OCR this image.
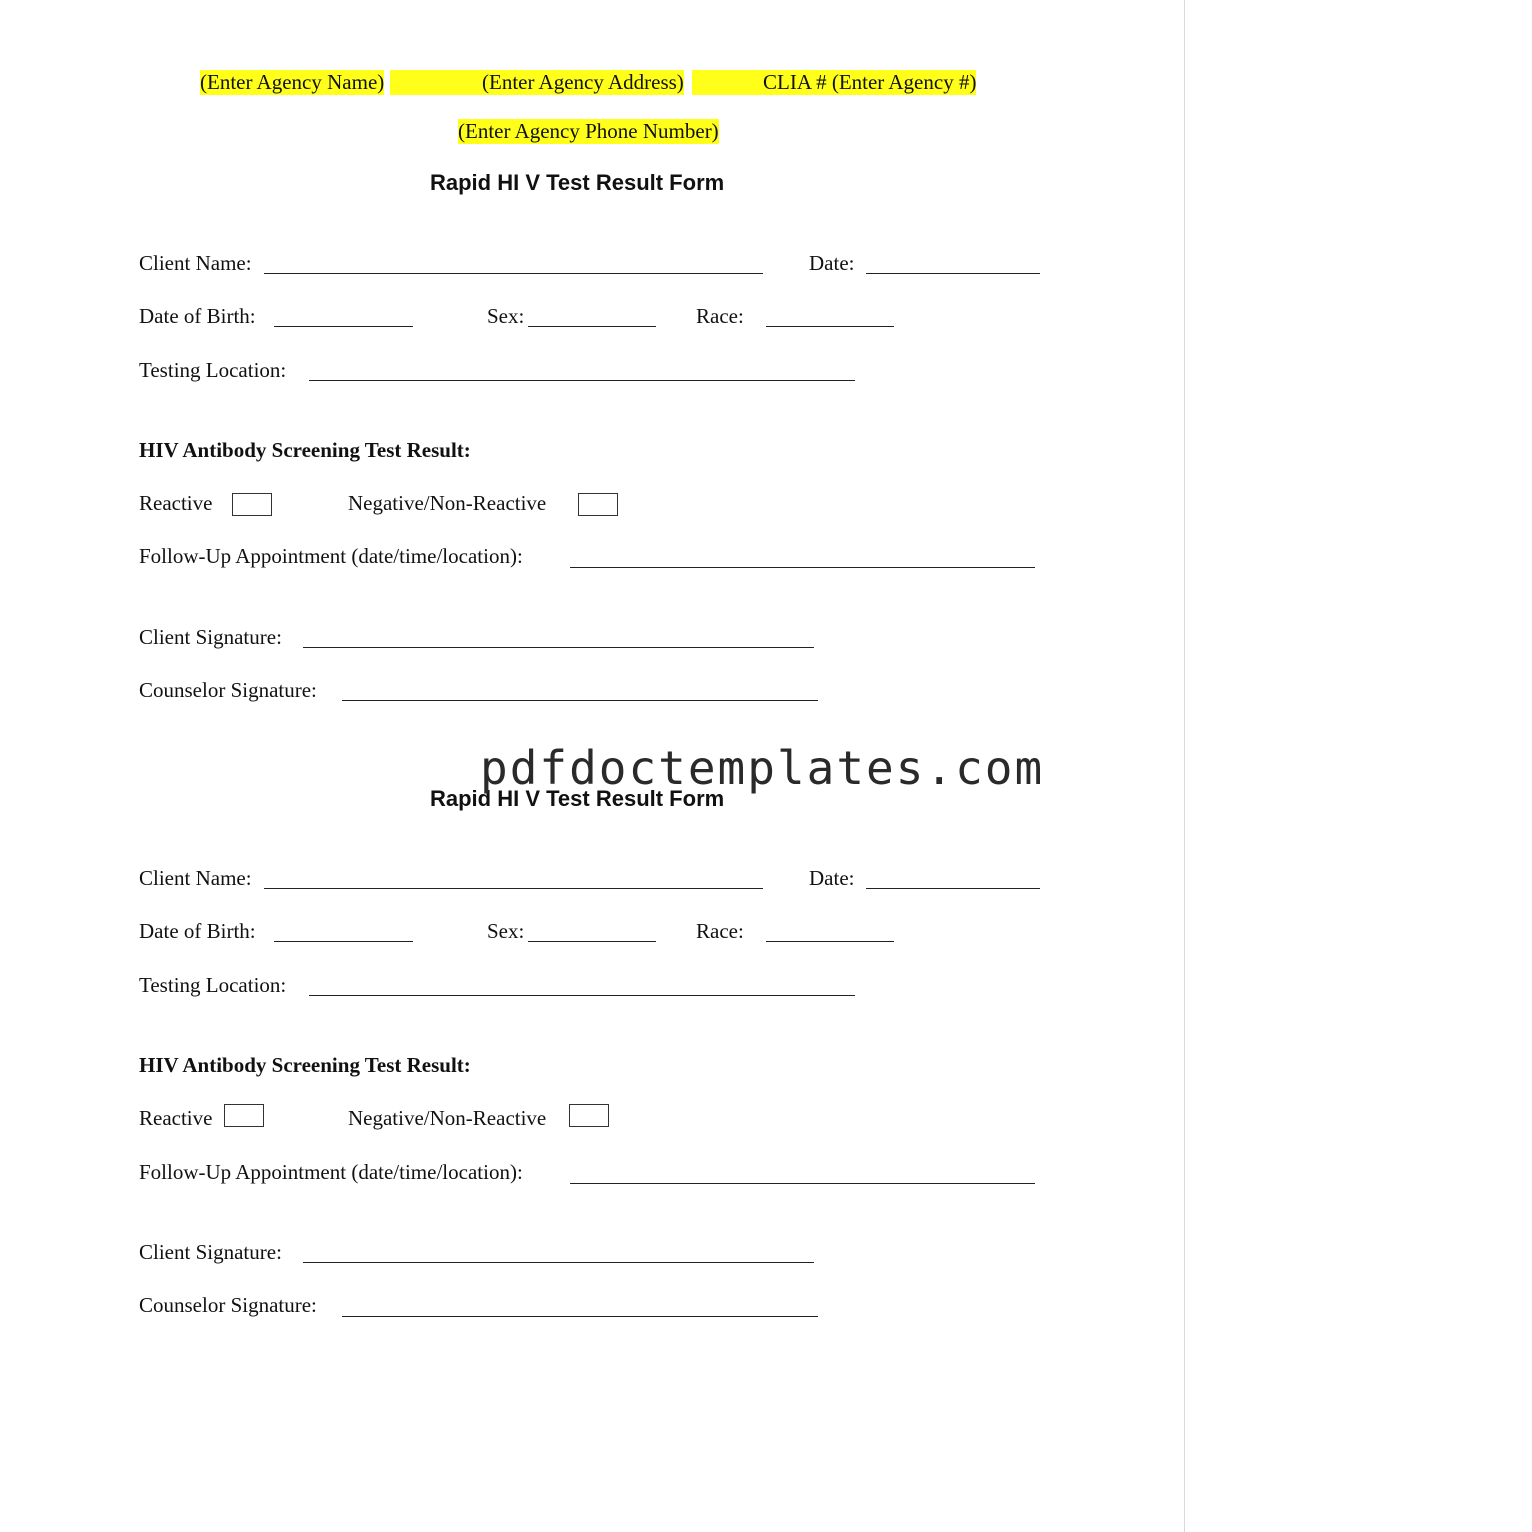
(Enter Agency Name)	(Enter Agency Address)	CLIA # (Enter Agency #)
(Enter Agency Phone Number)
Rapid HI V Test Result Form
Client Name:	Date:
Date of Birth:	Sex:	Race:
Testing Location:
HIV Antibody Screening Test Result:
Reactive	Negative/Non-Reactive
Follow-Up Appointment (date/time/location):
Client Signature:
Counselor Signature:
Rapid HI V Test Result Form
Client Name:	Date:
Date of Birth:	Sex:	Race:
Testing Location:
HIV Antibody Screening Test Result:
Reactive	Negative/Non-Reactive
Follow-Up Appointment (date/time/location):
Client Signature:
Counselor Signature:
pdfdoctemplates.com
